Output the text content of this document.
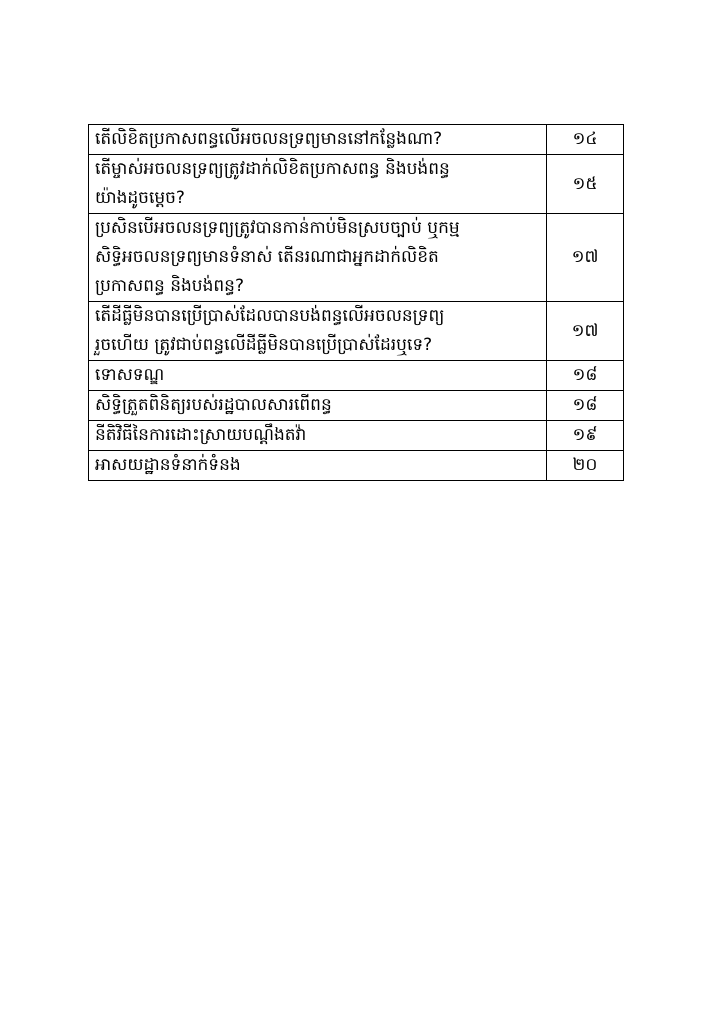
តើលិខិតប្រកាសពន្ធលើអចលនទ្រព្យមាននៅកន្លែងណា?	១៤

តើម្ចាស់អចលនទ្រព្យត្រូវដាក់លិខិតប្រកាសពន្ធ និងបង់ពន្ធ
យ៉ាងដូចម្តេច?	១៥

ប្រសិនបើអចលនទ្រព្យត្រូវបានកាន់កាប់មិនស្របច្បាប់ ឬកម្ម
សិទ្ធិអចលនទ្រព្យមានទំនាស់ តើនរណាជាអ្នកដាក់លិខិត
ប្រកាសពន្ធ និងបង់ពន្ធ?	១៧

តើដីធ្លីមិនបានប្រើប្រាស់ដែលបានបង់ពន្ធលើអចលនទ្រព្យ
រួចហើយ ត្រូវជាប់ពន្ធលើដីធ្លីមិនបានប្រើប្រាស់ដែរឬទេ?	១៧

ទោសទណ្ឌ	១៨

សិទ្ធិត្រួតពិនិត្យរបស់រដ្ឋបាលសារពើពន្ធ	១៨

នីតិវិធីនៃការដោះស្រាយបណ្តឹងតវ៉ា	១៩

អាសយដ្ឋានទំនាក់ទំនង	២០
